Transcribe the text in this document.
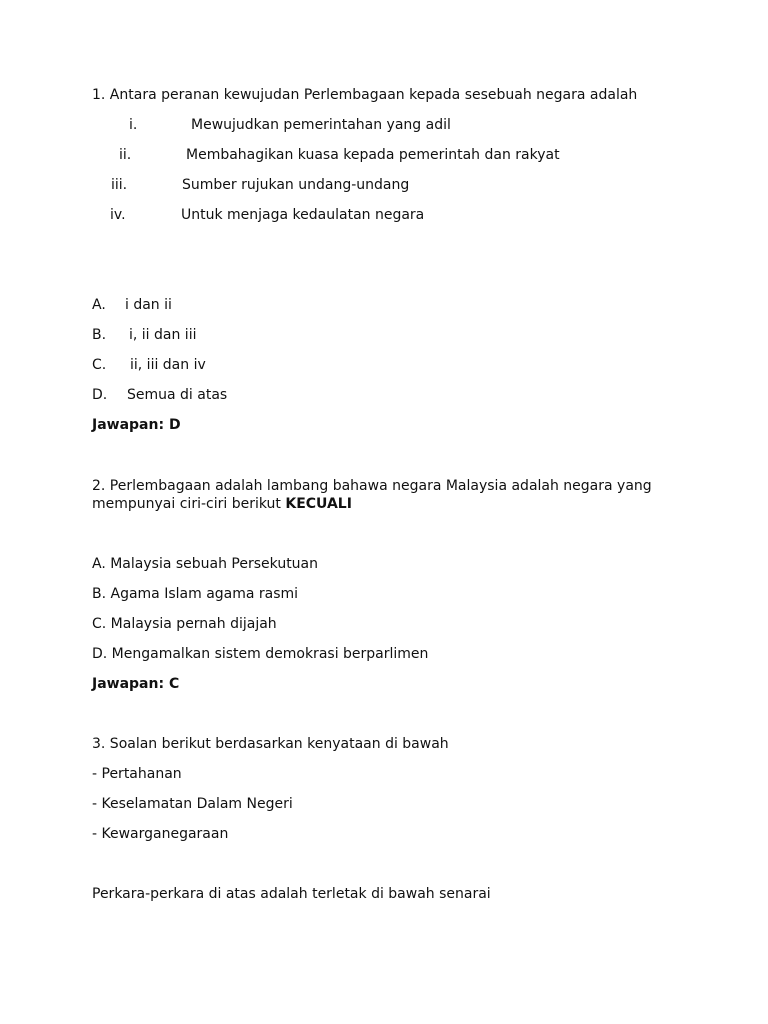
1. Antara peranan kewujudan Perlembagaan kepada sesebuah negara adalah
i.	Mewujudkan pemerintahan yang adil
ii.	Membahagikan kuasa kepada pemerintah dan rakyat
iii.	Sumber rujukan undang-undang
iv.	Untuk menjaga kedaulatan negara
A. i dan ii
B. i, ii dan iii
C. ii, iii dan iv
D. Semua di atas
Jawapan: D
2. Perlembagaan adalah lambang bahawa negara Malaysia adalah negara yang mempunyai ciri-ciri berikut KECUALI
A. Malaysia sebuah Persekutuan
B. Agama Islam agama rasmi
C. Malaysia pernah dijajah
D. Mengamalkan sistem demokrasi berparlimen
Jawapan: C
3. Soalan berikut berdasarkan kenyataan di bawah
- Pertahanan
- Keselamatan Dalam Negeri
- Kewarganegaraan
Perkara-perkara di atas adalah terletak di bawah senarai
